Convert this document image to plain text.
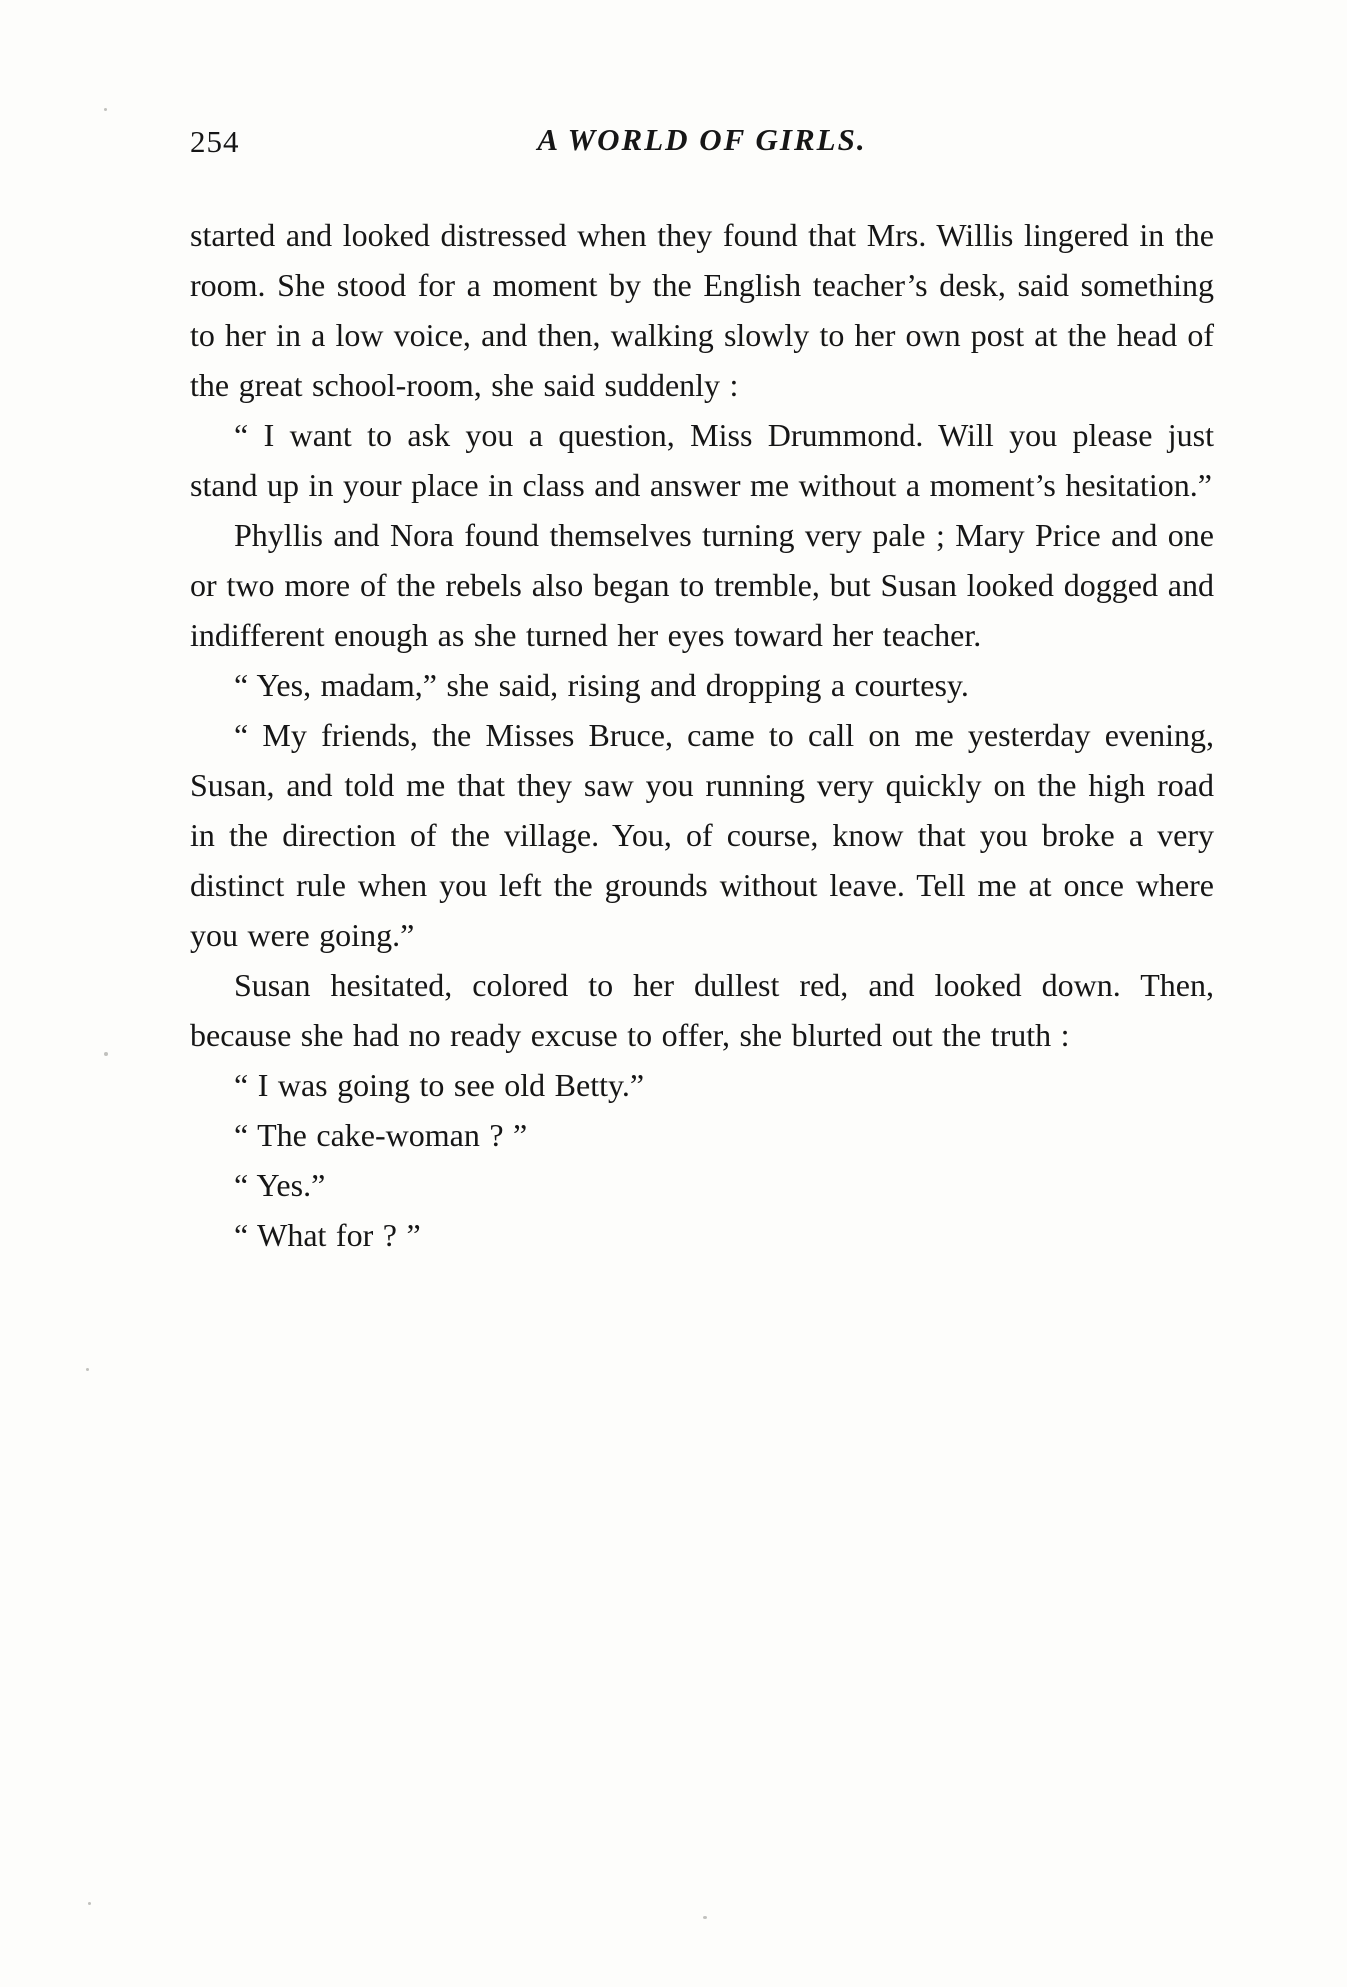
254	A WORLD OF GIRLS.

started and looked distressed when they found that Mrs. Willis lingered in the room. She stood for a moment by the English teacher’s desk, said something to her in a low voice, and then, walking slowly to her own post at the head of the great school-room, she said suddenly :

“ I want to ask you a question, Miss Drummond. Will you please just stand up in your place in class and answer me without a moment’s hesitation.”

Phyllis and Nora found themselves turning very pale ; Mary Price and one or two more of the rebels also began to tremble, but Susan looked dogged and indifferent enough as she turned her eyes toward her teacher.

“ Yes, madam,” she said, rising and dropping a courtesy.

“ My friends, the Misses Bruce, came to call on me yesterday evening, Susan, and told me that they saw you running very quickly on the high road in the direction of the village. You, of course, know that you broke a very distinct rule when you left the grounds without leave. Tell me at once where you were going.”

Susan hesitated, colored to her dullest red, and looked down. Then, because she had no ready excuse to offer, she blurted out the truth :

“ I was going to see old Betty.”

“ The cake-woman ? ”

“ Yes.”

“ What for ? ”
